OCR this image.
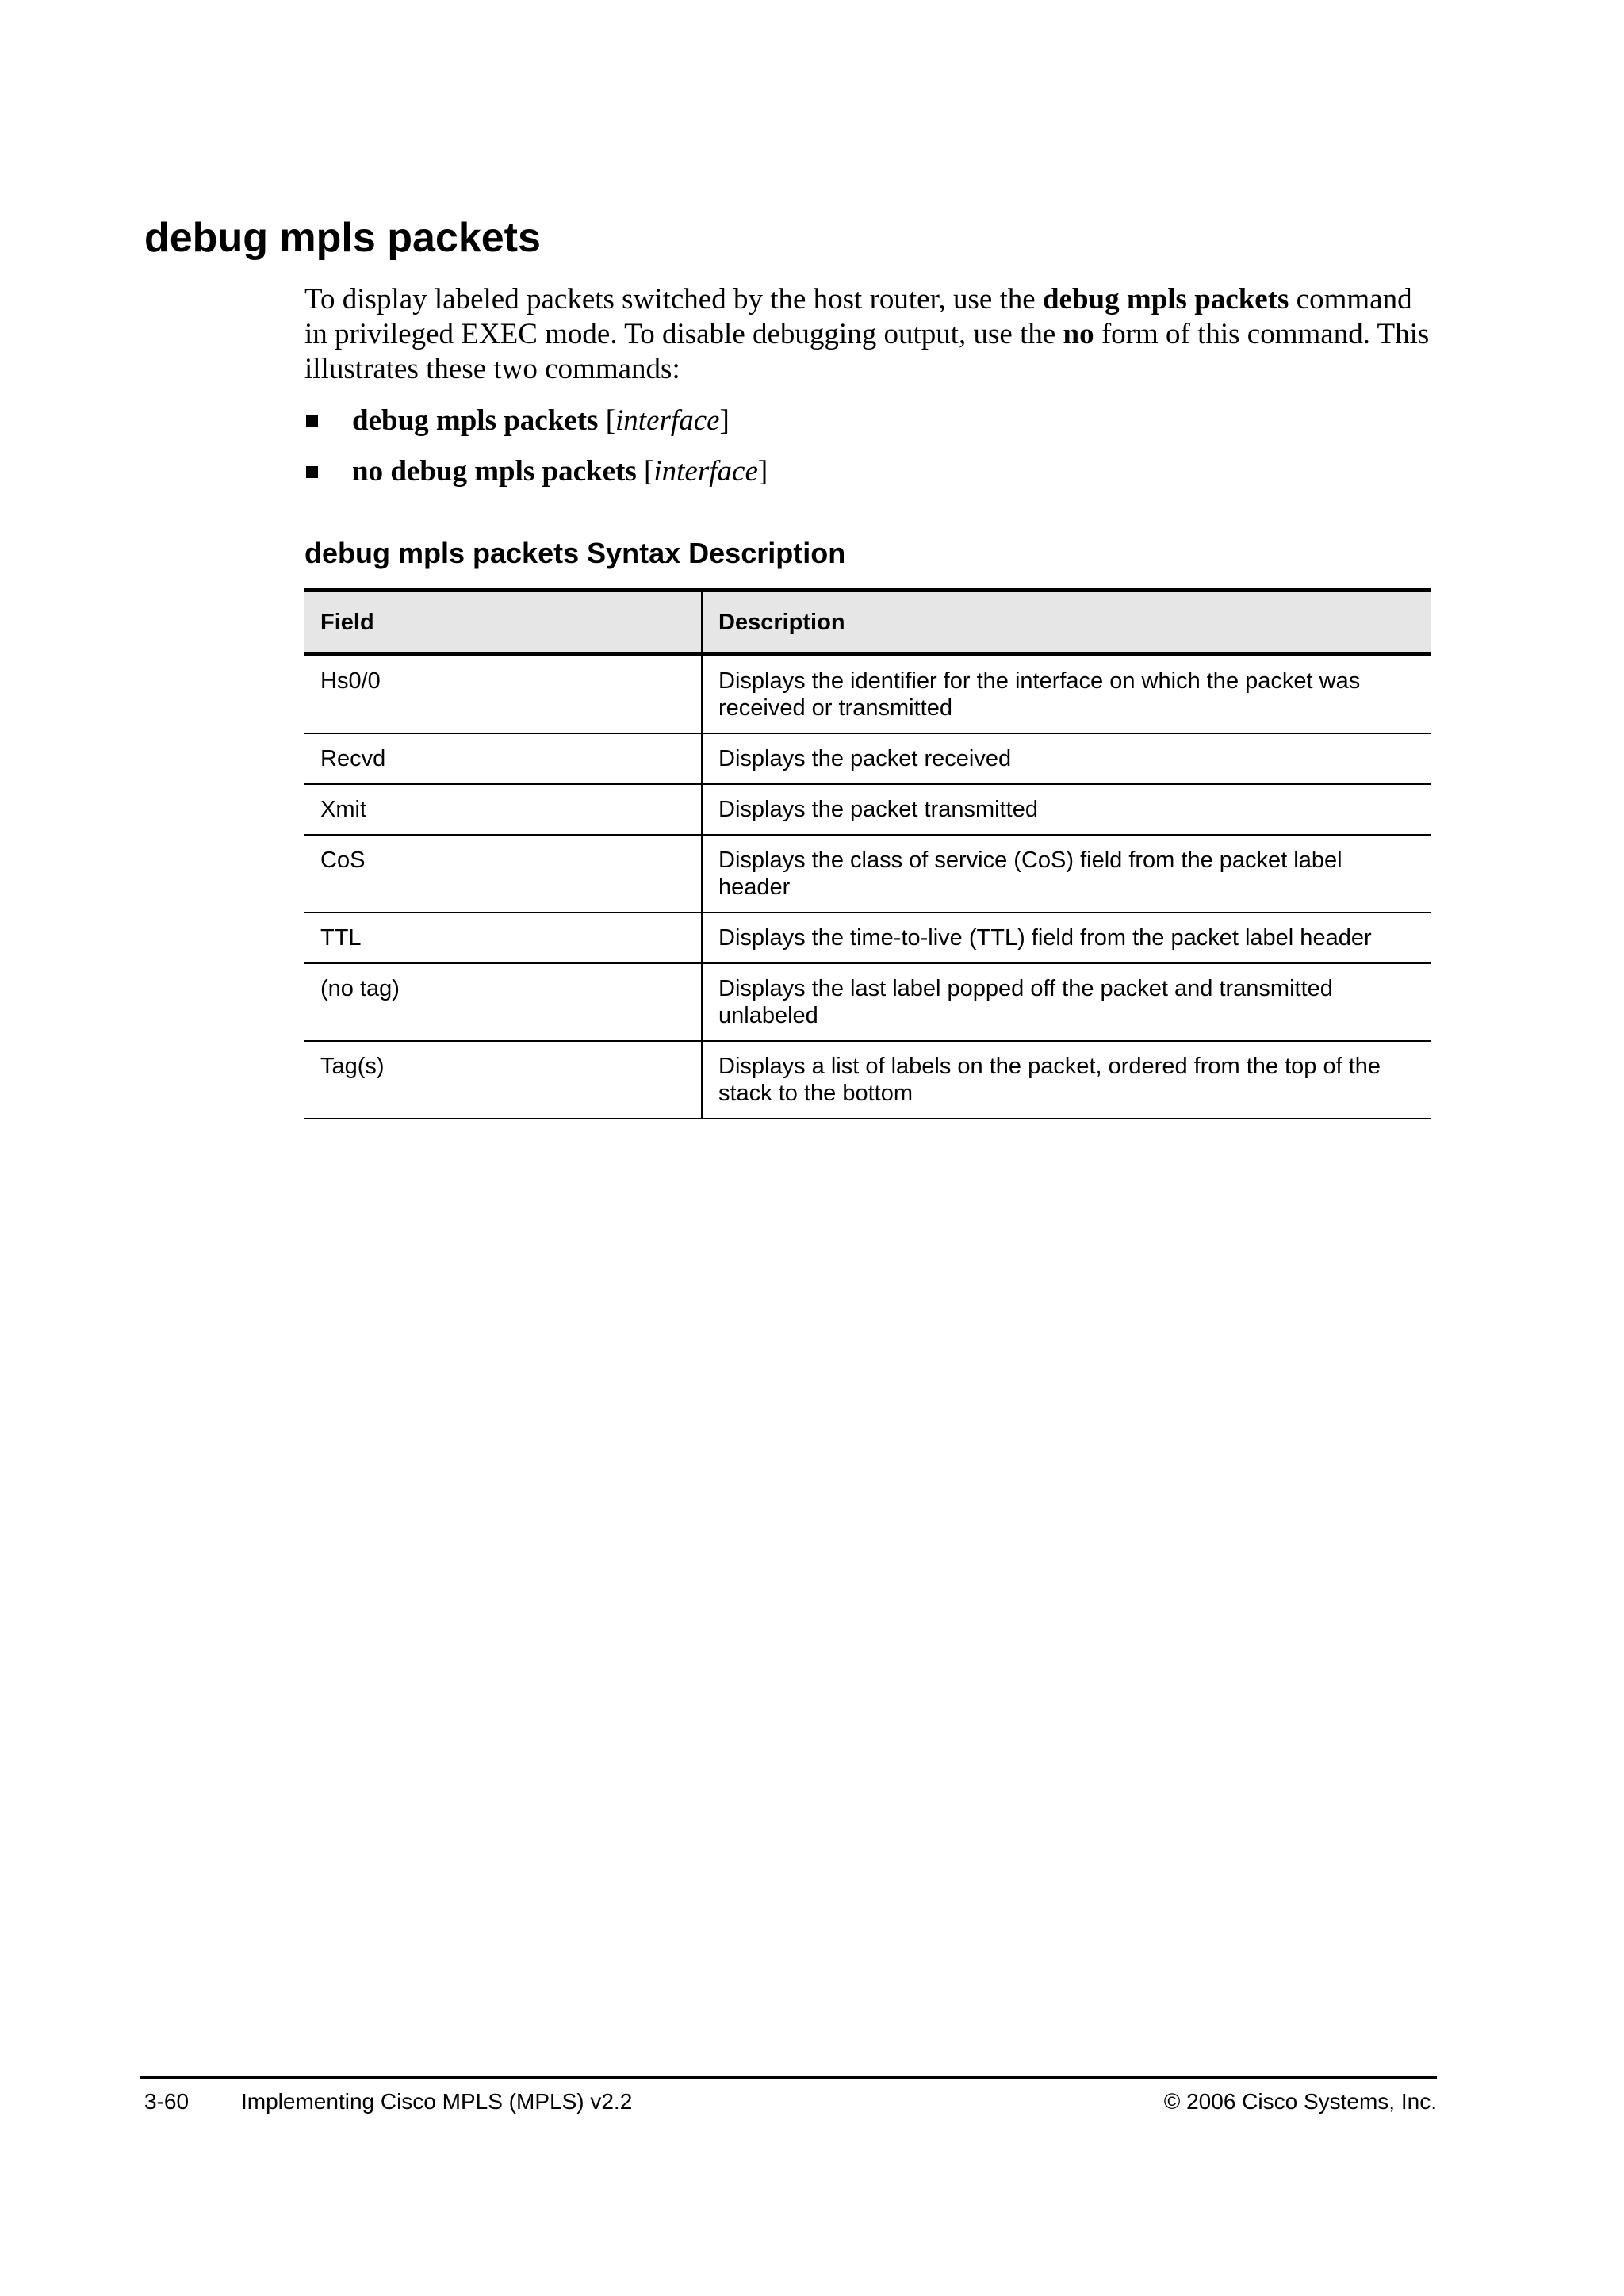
debug mpls packets

To display labeled packets switched by the host router, use the debug mpls packets command in privileged EXEC mode. To disable debugging output, use the no form of this command. This illustrates these two commands:

debug mpls packets [interface]
no debug mpls packets [interface]
debug mpls packets Syntax Description
Field	Description
Hs0/0	Displays the identifier for the interface on which the packet was received or transmitted
Recvd	Displays the packet received
Xmit	Displays the packet transmitted
CoS	Displays the class of service (CoS) field from the packet label header
TTL	Displays the time-to-live (TTL) field from the packet label header
(no tag)	Displays the last label popped off the packet and transmitted unlabeled
Tag(s)	Displays a list of labels on the packet, ordered from the top of the stack to the bottom
3-60 Implementing Cisco MPLS (MPLS) v2.2	© 2006 Cisco Systems, Inc.
